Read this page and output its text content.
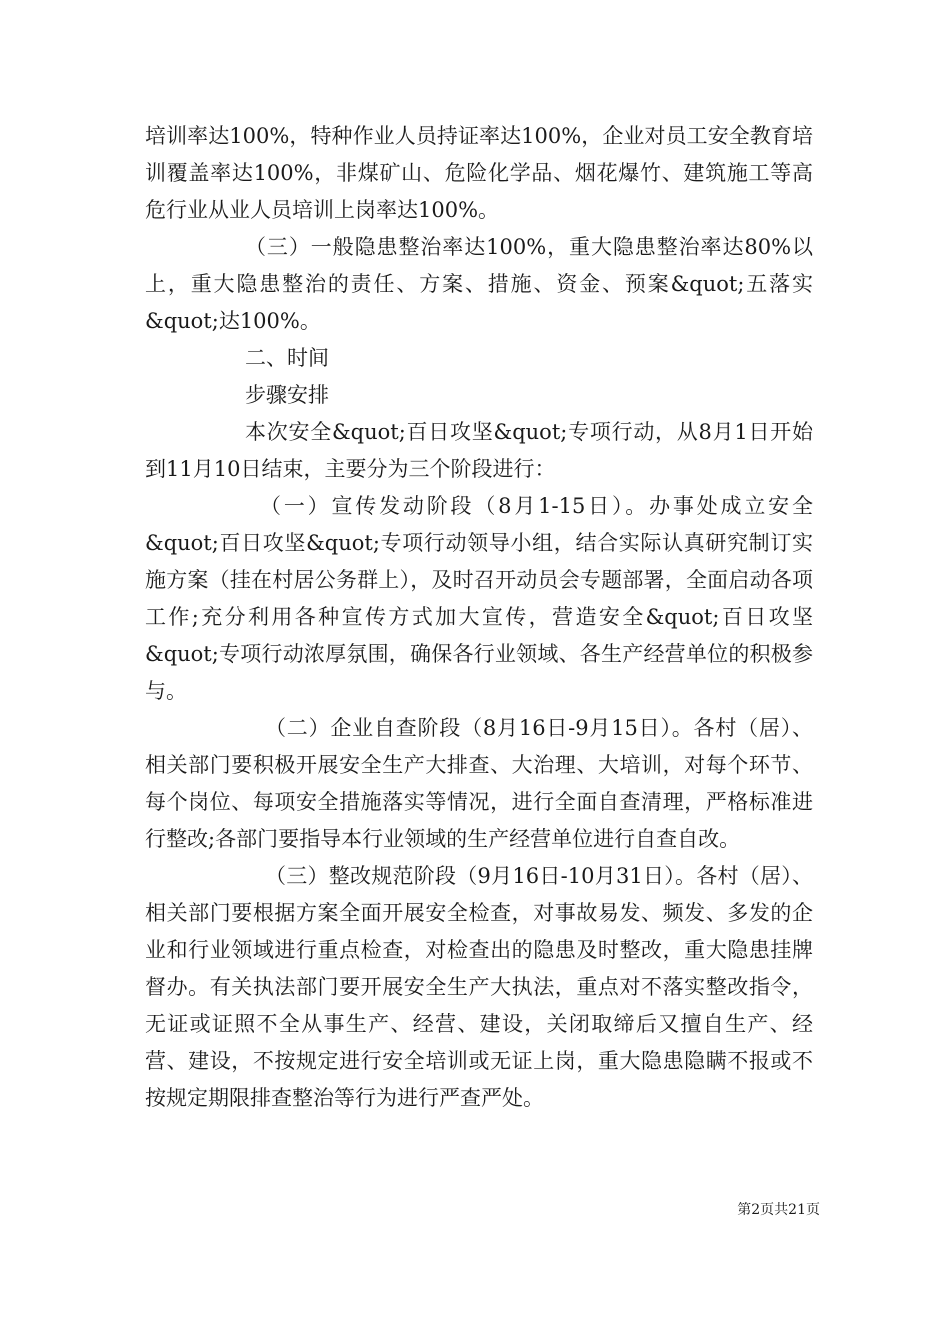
培训率达100%，特种作业人员持证率达100%，企业对员工安全教育培训覆盖率达100%，非煤矿山、危险化学品、烟花爆竹、建筑施工等高危行业从业人员培训上岗率达100%。

（三）一般隐患整治率达100%，重大隐患整治率达80%以上，重大隐患整治的责任、方案、措施、资金、预案&quot;五落实&quot;达100%。

二、时间

步骤安排

本次安全&quot;百日攻坚&quot;专项行动，从8月1日开始到11月10日结束，主要分为三个阶段进行：

（一）宣传发动阶段（8月1-15日）。办事处成立安全&quot;百日攻坚&quot;专项行动领导小组，结合实际认真研究制订实施方案（挂在村居公务群上），及时召开动员会专题部署，全面启动各项工作;充分利用各种宣传方式加大宣传，营造安全&quot;百日攻坚&quot;专项行动浓厚氛围，确保各行业领域、各生产经营单位的积极参与。

（二）企业自查阶段（8月16日-9月15日）。各村（居）、相关部门要积极开展安全生产大排查、大治理、大培训，对每个环节、每个岗位、每项安全措施落实等情况，进行全面自查清理，严格标准进行整改;各部门要指导本行业领域的生产经营单位进行自查自改。

（三）整改规范阶段（9月16日-10月31日）。各村（居）、相关部门要根据方案全面开展安全检查，对事故易发、频发、多发的企业和行业领域进行重点检查，对检查出的隐患及时整改，重大隐患挂牌督办。有关执法部门要开展安全生产大执法，重点对不落实整改指令，无证或证照不全从事生产、经营、建设，关闭取缔后又擅自生产、经营、建设，不按规定进行安全培训或无证上岗，重大隐患隐瞒不报或不按规定期限排查整治等行为进行严查严处。

第2页共21页
